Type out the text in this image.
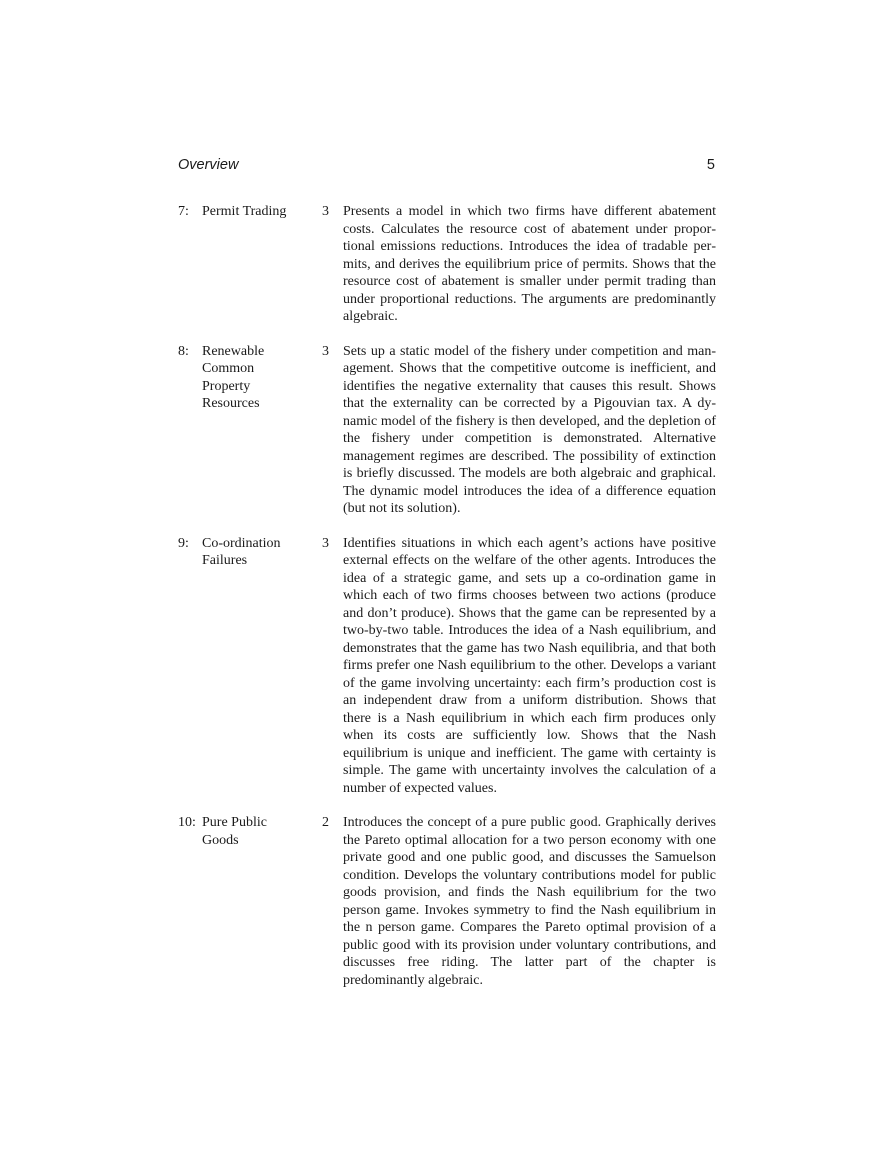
Overview	5
7: Permit Trading	3 Presents a model in which two firms have different abatement costs. Calculates the resource cost of abatement under proportional emissions reductions. Introduces the idea of tradable permits, and derives the equilibrium price of permits. Shows that the resource cost of abatement is smaller under permit trading than under proportional reductions. The arguments are predominantly algebraic.
8: Renewable
Common
Property
Resources
3 Sets up a static model of the fishery under competition and management. Shows that the competitive outcome is inefficient, and identifies the negative externality that causes this result. Shows that the externality can be corrected by a Pigouvian tax. A dynamic model of the fishery is then developed, and the depletion of the fishery under competition is demonstrated. Alternative management regimes are described. The possibility of extinction is briefly discussed. The models are both algebraic and graphical. The dynamic model introduces the idea of a difference equation (but not its solution).
9: Co-ordination
Failures
3 Identifies situations in which each agent’s actions have positive external effects on the welfare of the other agents. Introduces the idea of a strategic game, and sets up a co-ordination game in which each of two firms chooses between two actions (produce and don’t produce). Shows that the game can be represented by a two-by-two table. Introduces the idea of a Nash equilibrium, and demonstrates that the game has two Nash equilibria, and that both firms prefer one Nash equilibrium to the other. Develops a variant of the game involving uncertainty: each firm’s production cost is an independent draw from a uniform distribution. Shows that there is a Nash equilibrium in which each firm produces only when its costs are sufficiently low. Shows that the Nash equilibrium is unique and inefficient. The game with certainty is simple. The game with uncertainty involves the calculation of a number of expected values.
10: Pure Public
Goods
2 Introduces the concept of a pure public good. Graphically derives the Pareto optimal allocation for a two person economy with one private good and one public good, and discusses the Samuelson condition. Develops the voluntary contributions model for public goods provision, and finds the Nash equilibrium for the two person game. Invokes symmetry to find the Nash equilibrium in the n person game. Compares the Pareto optimal provision of a public good with its provision under voluntary contributions, and discusses free riding. The latter part of the chapter is predominantly algebraic.
